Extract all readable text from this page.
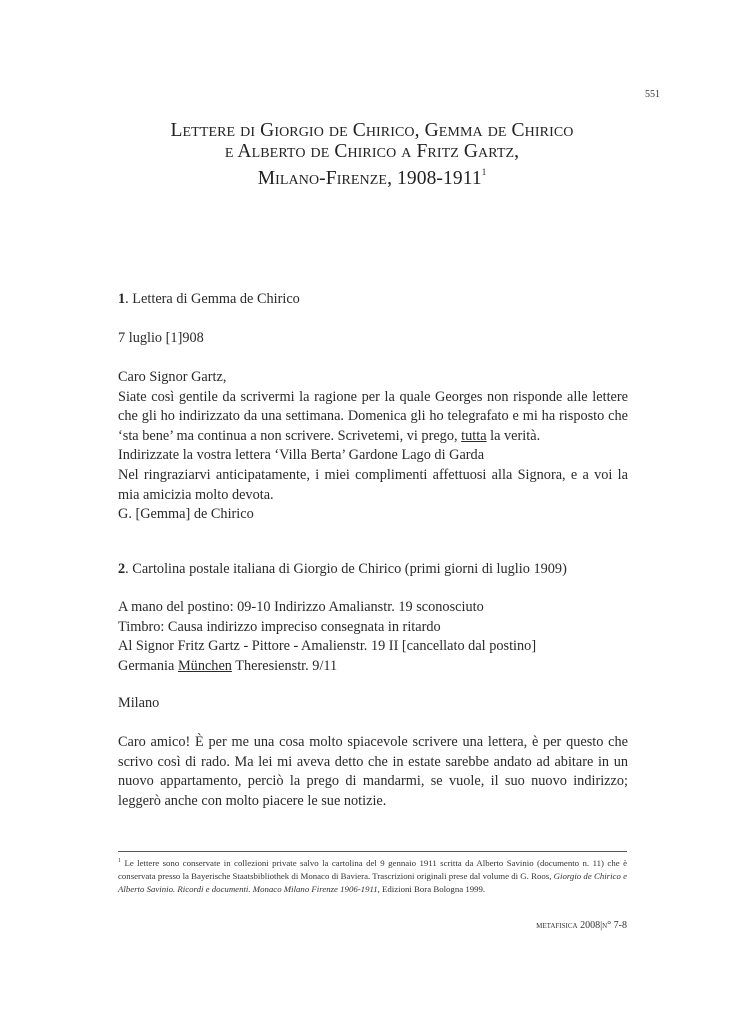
551
Lettere di Giorgio de Chirico, Gemma de Chirico
e Alberto de Chirico a Fritz Gartz,
Milano-Firenze, 1908-1911$^1$

1. Lettera di Gemma de Chirico

7 luglio [1]908

Caro Signor Gartz,

Siate così gentile da scrivermi la ragione per la quale Georges non risponde alle lettere che gli ho indirizzato da una settimana. Domenica gli ho telegrafato e mi ha risposto che ‘sta bene’ ma continua a non scrivere. Scrivetemi, vi prego, tutta la verità.

Indirizzate la vostra lettera ‘Villa Berta’ Gardone Lago di Garda

Nel ringraziarvi anticipatamente, i miei complimenti affettuosi alla Signora, e a voi la mia amicizia molto devota.

G. [Gemma] de Chirico

2. Cartolina postale italiana di Giorgio de Chirico (primi giorni di luglio 1909)

A mano del postino: 09-10 Indirizzo Amalianstr. 19 sconosciuto

Timbro: Causa indirizzo impreciso consegnata in ritardo

Al Signor Fritz Gartz - Pittore - Amalienstr. 19 II [cancellato dal postino]

Germania München Theresienstr. 9/11

Milano

Caro amico! È per me una cosa molto spiacevole scrivere una lettera, è per questo che scrivo così di rado. Ma lei mi aveva detto che in estate sarebbe andato ad abitare in un nuovo appartamento, perciò la prego di mandarmi, se vuole, il suo nuovo indirizzo; leggerò anche con molto piacere le sue notizie.

$^1$ Le lettere sono conservate in collezioni private salvo la cartolina del 9 gennaio 1911 scritta da Alberto Savinio (documento n. 11) che è conservata presso la Bayerische Staatsbibliothek di Monaco di Baviera. Trascrizioni originali prese dal volume di G. Roos, Giorgio de Chirico e Alberto Savinio. Ricordi e documenti. Monaco Milano Firenze 1906-1911, Edizioni Bora Bologna 1999.
metafisica 2008|n° 7-8
